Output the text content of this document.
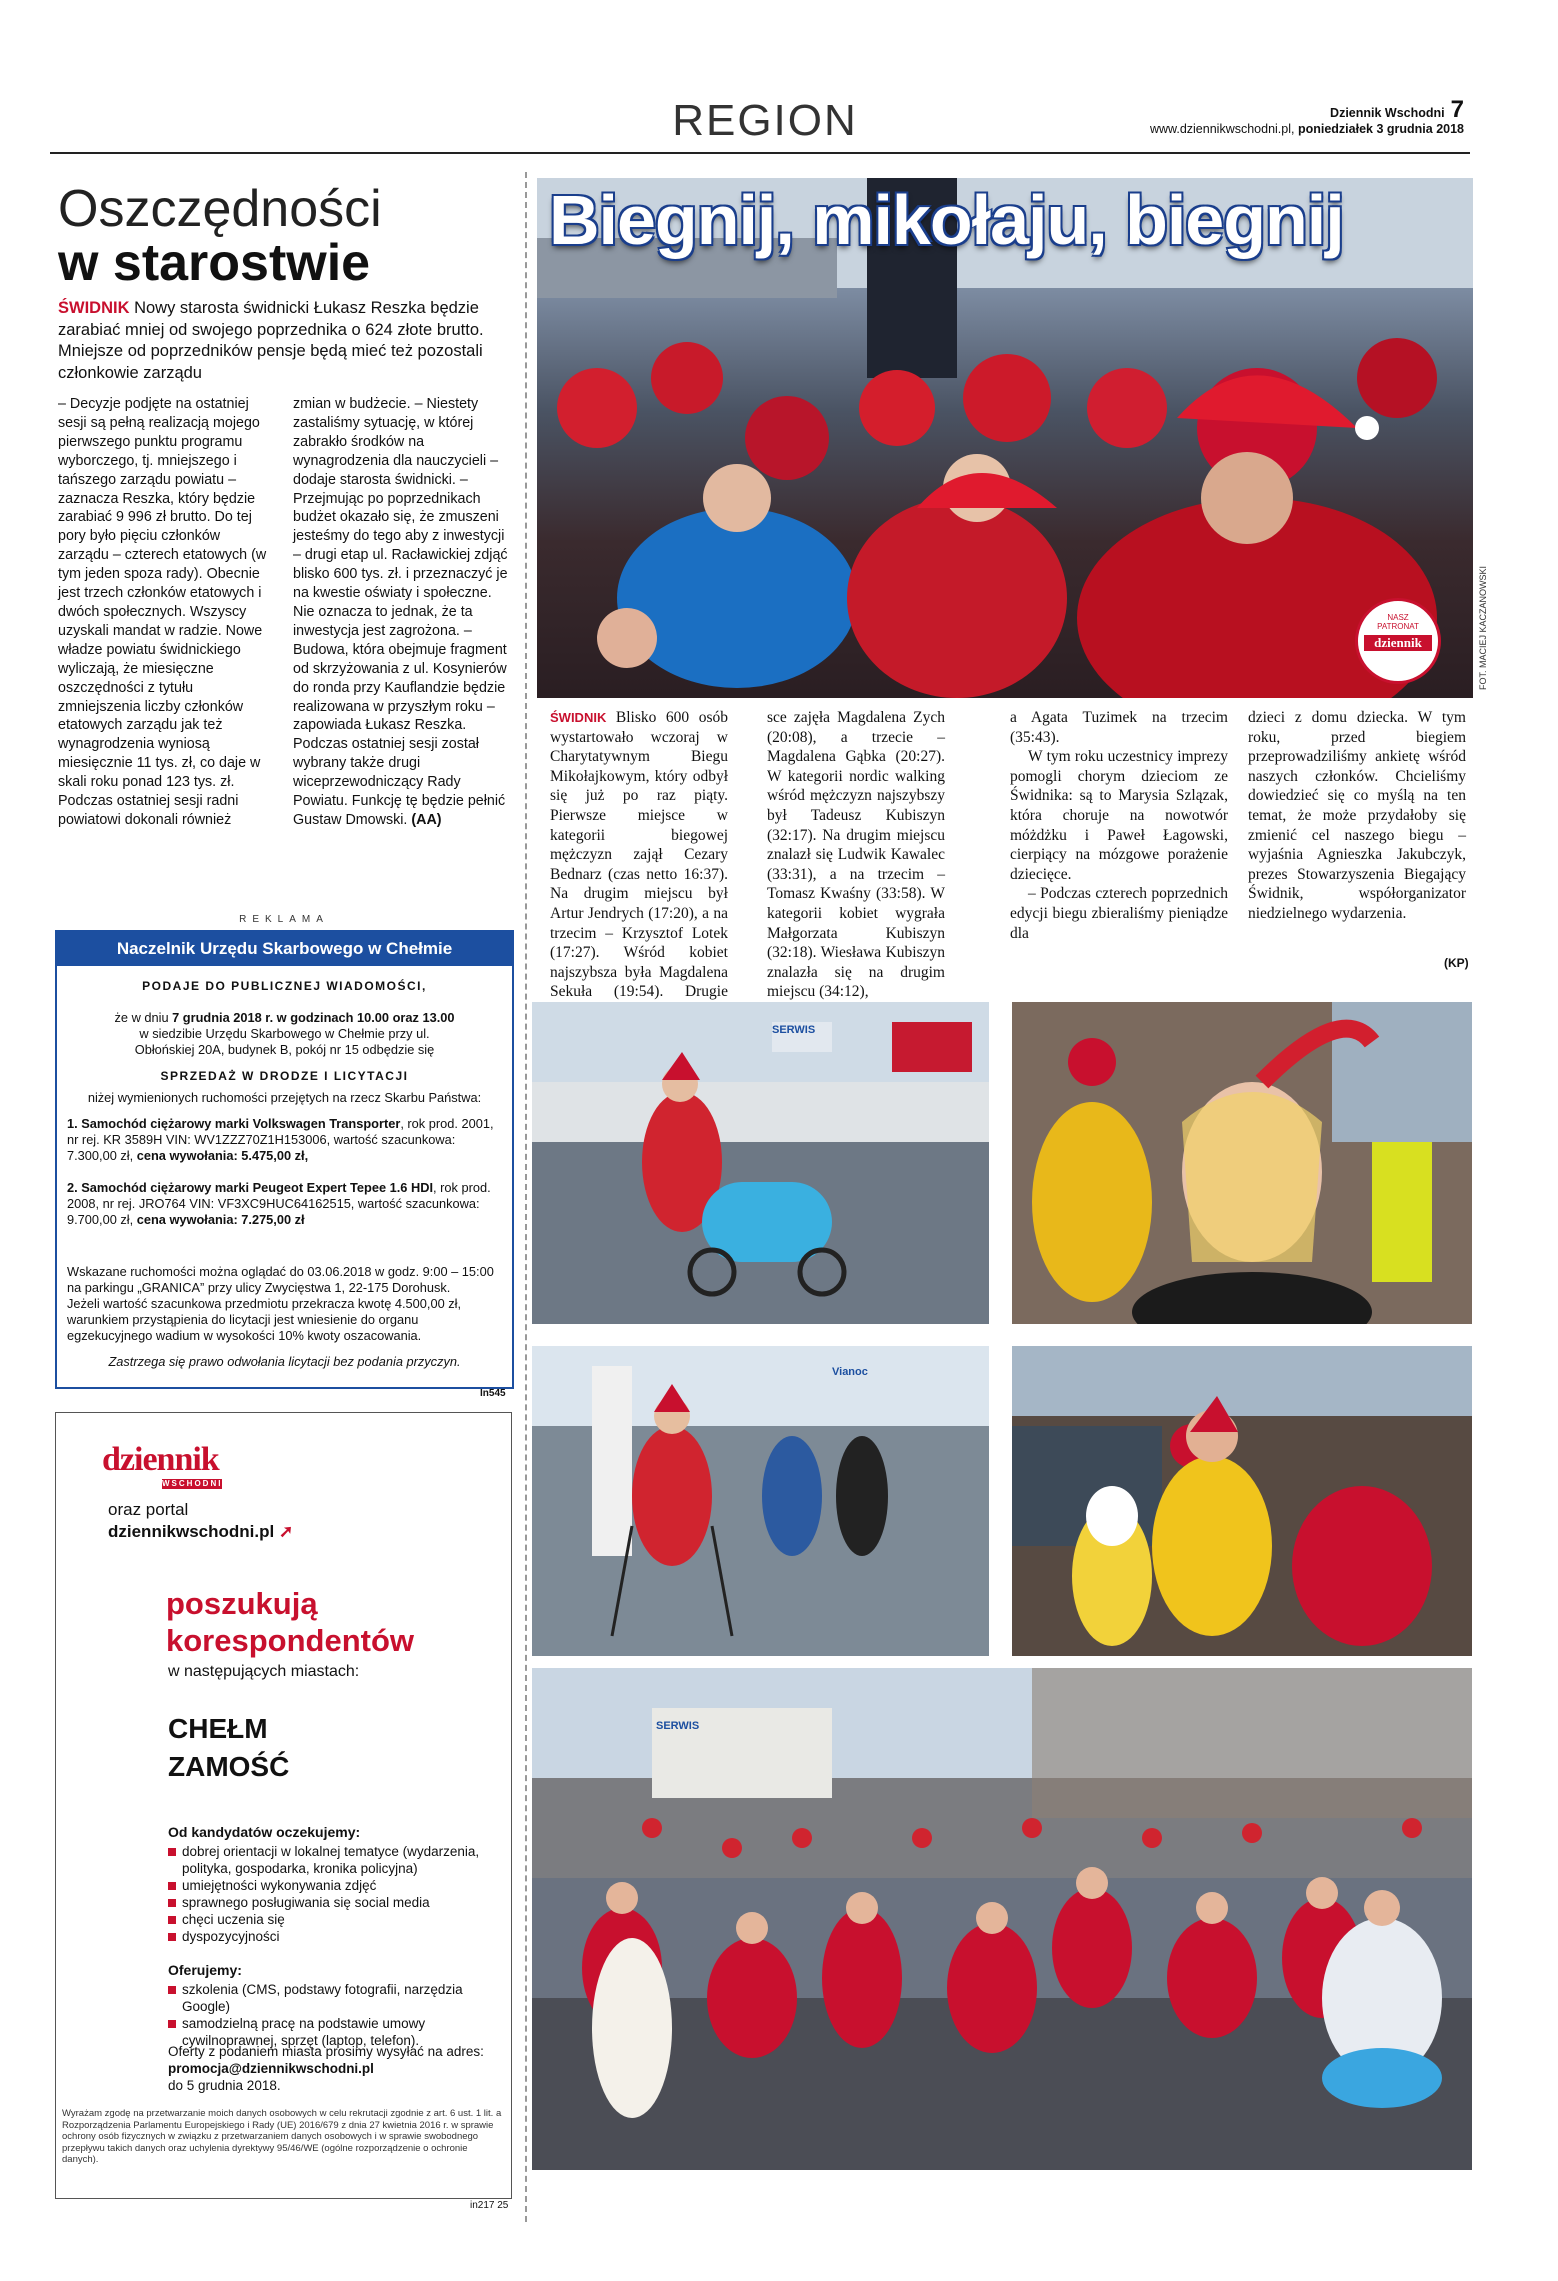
REGION	Dziennik Wschodni 7
www.dziennikwschodni.pl, poniedziałek 3 grudnia 2018
Oszczędności
w starostwie
ŚWIDNIK Nowy starosta świdnicki Łukasz Reszka będzie zarabiać mniej od swojego poprzednika o 624 złote brutto. Mniejsze od poprzedników pensje będą mieć też pozostali członkowie zarządu

– Decyzje podjęte na ostatniej sesji są pełną realizacją mojego pierwszego punktu programu wyborczego, tj. mniejszego i tańszego zarządu powiatu – zaznacza Reszka, który będzie zarabiać 9 996 zł brutto. Do tej pory było pięciu członków zarządu – czterech etatowych (w tym jeden spoza rady). Obecnie jest trzech członków etatowych i dwóch społecznych. Wszyscy uzyskali mandat w radzie. Nowe władze powiatu świdnickiego wyliczają, że miesięczne oszczędności z tytułu zmniejszenia liczby członków etatowych zarządu jak też wynagrodzenia wyniosą miesięcznie 11 tys. zł, co daje w skali roku ponad 123 tys. zł. Podczas ostatniej sesji radni powiatowi dokonali również

zmian w budżecie. – Niestety zastaliśmy sytuację, w której zabrakło środków na wynagrodzenia dla nauczycieli – dodaje starosta świdnicki. – Przejmując po poprzednikach budżet okazało się, że zmuszeni jesteśmy do tego aby z inwestycji – drugi etap ul. Racławickiej zdjąć blisko 600 tys. zł. i przeznaczyć je na kwestie oświaty i społeczne. Nie oznacza to jednak, że ta inwestycja jest zagrożona. – Budowa, która obejmuje fragment od skrzyżowania z ul. Kosynierów do ronda przy Kauflandzie będzie realizowana w przyszłym roku – zapowiada Łukasz Reszka. Podczas ostatniej sesji został wybrany także drugi wiceprzewodniczący Rady Powiatu. Funkcję tę będzie pełnić Gustaw Dmowski. (AA)

REKLAMA
Naczelnik Urzędu Skarbowego w Chełmie
PODAJE DO PUBLICZNEJ WIADOMOŚCI,
że w dniu 7 grudnia 2018 r. w godzinach 10.00 oraz 13.00
w siedzibie Urzędu Skarbowego w Chełmie przy ul. Obłońskiej 20A, budynek B, pokój nr 15 odbędzie się
SPRZEDAŻ W DRODZE I LICYTACJI
niżej wymienionych ruchomości przejętych na rzecz Skarbu Państwa:
1. Samochód ciężarowy marki Volkswagen Transporter, rok prod. 2001, nr rej. KR 3589H VIN: WV1ZZZ70Z1H153006, wartość szacunkowa: 7.300,00 zł, cena wywołania: 5.475,00 zł,
2. Samochód ciężarowy marki Peugeot Expert Tepee 1.6 HDI, rok prod. 2008, nr rej. JRO764 VIN: VF3XC9HUC64162515, wartość szacunkowa: 9.700,00 zł, cena wywołania: 7.275,00 zł
Wskazane ruchomości można oglądać do 03.06.2018 w godz. 9:00 – 15:00 na parkingu „GRANICA” przy ulicy Zwycięstwa 1, 22-175 Dorohusk.
Jeżeli wartość szacunkowa przedmiotu przekracza kwotę 4.500,00 zł, warunkiem przystąpienia do licytacji jest wniesienie do organu egzekucyjnego wadium w wysokości 10% kwoty oszacowania.
Zastrzega się prawo odwołania licytacji bez podania przyczyn.
In545
dziennik
WSCHODNI
oraz portal
dziennikwschodni.pl ➚
poszukują
korespondentów
w następujących miastach:
CHEŁM
ZAMOŚĆ
Od kandydatów oczekujemy:
dobrej orientacji w lokalnej tematyce (wydarzenia, polityka, gospodarka, kronika policyjna)
umiejętności wykonywania zdjęć
sprawnego posługiwania się social media
chęci uczenia się
dyspozycyjności
Oferujemy:
szkolenia (CMS, podstawy fotografii, narzędzia Google)
samodzielną pracę na podstawie umowy cywilnoprawnej, sprzęt (laptop, telefon).
Oferty z podaniem miasta prosimy wysyłać na adres:
promocja@dziennikwschodni.pl
do 5 grudnia 2018.
Wyrażam zgodę na przetwarzanie moich danych osobowych w celu rekrutacji zgodnie z art. 6 ust. 1 lit. a Rozporządzenia Parlamentu Europejskiego i Rady (UE) 2016/679 z dnia 27 kwietnia 2016 r. w sprawie ochrony osób fizycznych w związku z przetwarzaniem danych osobowych i w sprawie swobodnego przepływu takich danych oraz uchylenia dyrektywy 95/46/WE (ogólne rozporządzenie o ochronie danych).
in217 25
NASZ
PATRONAT
dziennik
Biegnij, mikołaju, biegnij
FOT. MACIEJ KACZANOWSKI

ŚWIDNIK Blisko 600 osób wystartowało wczoraj w Charytatywnym Biegu Mikołajkowym, który odbył się już po raz piąty. Pierwsze miejsce w kategorii biegowej mężczyzn zajął Cezary Bednarz (czas netto 16:37). Na drugim miejscu był Artur Jendrych (17:20), a na trzecim – Krzysztof Lotek (17:27). Wśród kobiet najszybsza była Magdalena Sekuła (19:54). Drugie

sce zajęła Magdalena Zych (20:08), a trzecie – Magdalena Gąbka (20:27). W kategorii nordic walking wśród mężczyzn najszybszy był Tadeusz Kubiszyn (32:17). Na drugim miejscu znalazł się Ludwik Kawalec (33:31), a na trzecim – Tomasz Kwaśny (33:58). W kategorii kobiet wygrała Małgorzata Kubiszyn (32:18). Wiesława Kubiszyn znalazła się na drugim miejscu (34:12),

a Agata Tuzimek na trzecim (35:43).

W tym roku uczestnicy imprezy pomogli chorym dzieciom ze Świdnika: są to Marysia Szlązak, która choruje na nowotwór móżdżku i Paweł Łagowski, cierpiący na mózgowe porażenie dziecięce.

– Podczas czterech poprzednich edycji biegu zbieraliśmy pieniądze dla

dzieci z domu dziecka. W tym roku, przed biegiem przeprowadziliśmy ankietę wśród naszych członków. Chcieliśmy dowiedzieć się co myślą na ten temat, że może przydałoby się zmienić cel naszego biegu – wyjaśnia Agnieszka Jakubczyk, prezes Stowarzyszenia Biegający Świdnik, współorganizator niedzielnego wydarzenia.

(KP)
SERWIS
Vianoc
SERWIS
